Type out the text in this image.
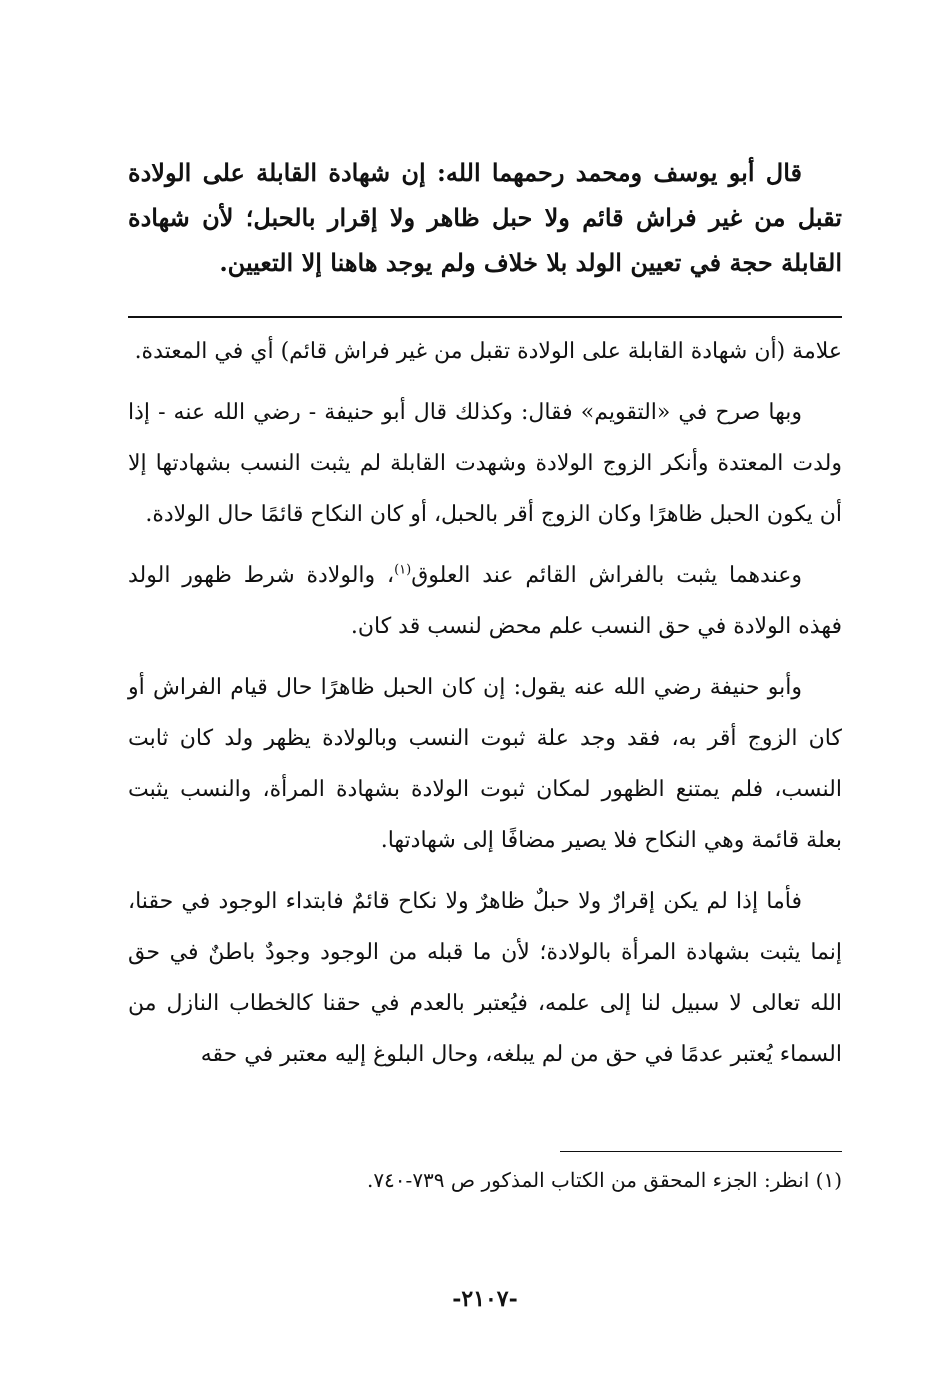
قال أبو يوسف ومحمد رحمهما الله: إن شهادة القابلة على الولادة تقبل من غير فراش قائم ولا حبل ظاهر ولا إقرار بالحبل؛ لأن شهادة القابلة حجة في تعيين الولد بلا خلاف ولم يوجد هاهنا إلا التعيين.

علامة (أن شهادة القابلة على الولادة تقبل من غير فراش قائم) أي في المعتدة.

وبها صرح في «التقويم» فقال: وكذلك قال أبو حنيفة - رضي الله عنه - إذا ولدت المعتدة وأنكر الزوج الولادة وشهدت القابلة لم يثبت النسب بشهادتها إلا أن يكون الحبل ظاهرًا وكان الزوج أقر بالحبل، أو كان النكاح قائمًا حال الولادة.

وعندهما يثبت بالفراش القائم عند العلوق$^{(١)}$، والولادة شرط ظهور الولد فهذه الولادة في حق النسب علم محض لنسب قد كان.

وأبو حنيفة رضي الله عنه يقول: إن كان الحبل ظاهرًا حال قيام الفراش أو كان الزوج أقر به، فقد وجد علة ثبوت النسب وبالولادة يظهر ولد كان ثابت النسب، فلم يمتنع الظهور لمكان ثبوت الولادة بشهادة المرأة، والنسب يثبت بعلة قائمة وهي النكاح فلا يصير مضافًا إلى شهادتها.

فأما إذا لم يكن إقرارٌ ولا حبلٌ ظاهرٌ ولا نكاح قائمٌ فابتداء الوجود في حقنا، إنما يثبت بشهادة المرأة بالولادة؛ لأن ما قبله من الوجود وجودٌ باطنٌ في حق الله تعالى لا سبيل لنا إلى علمه، فيُعتبر بالعدم في حقنا كالخطاب النازل من السماء يُعتبر عدمًا في حق من لم يبلغه، وحال البلوغ إليه معتبر في حقه

(١) انظر: الجزء المحقق من الكتاب المذكور ص ٧٣٩-٧٤٠.
-٢١٠٧-
